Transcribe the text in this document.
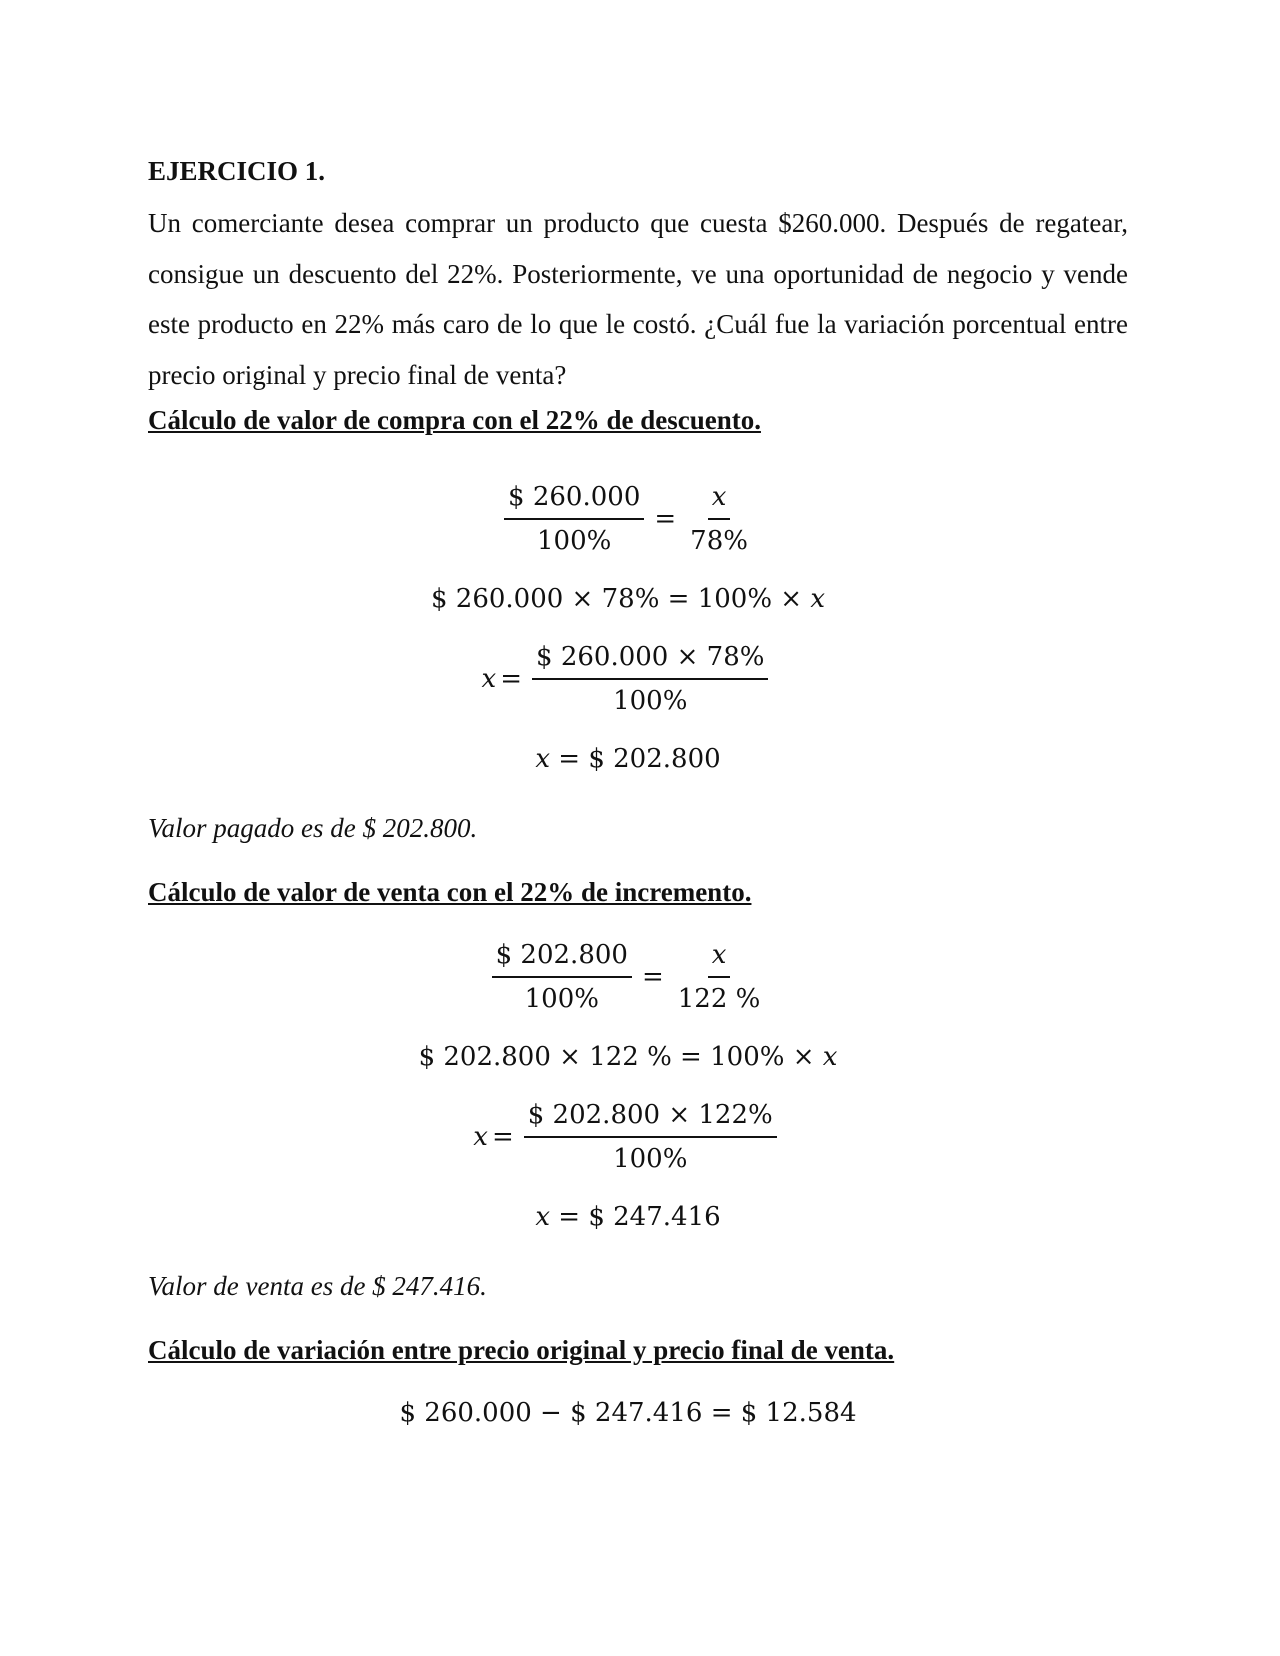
EJERCICIO 1.

Un comerciante desea comprar un producto que cuesta $260.000. Después de regatear, consigue un descuento del 22%. Posteriormente, ve una oportunidad de negocio y vende este producto en 22% más caro de lo que le costó. ¿Cuál fue la variación porcentual entre precio original y precio final de venta?

Cálculo de valor de compra con el 22% de descuento.

$\frac{\$ 260.000}{100\%} = \frac{x}{78\%}$
$ 260.000 × 78% = 100% × x
$x = \frac{\$ 260.000 \times 78\%}{100\%}$
x
= $ 202.800

Valor pagado es de $ 202.800.

Cálculo de valor de venta con el 22% de incremento.

$\frac{\$ 202.800}{100\%} = \frac{x}{122 \%}$
$ 202.800 × 122 % = 100% × x
$x = \frac{\$ 202.800 \times 122\%}{100\%}$
x
= $ 247.416

Valor de venta es de $ 247.416.

Cálculo de variación entre precio original y precio final de venta.

$ 260.000 − $ 247.416 = $ 12.584
